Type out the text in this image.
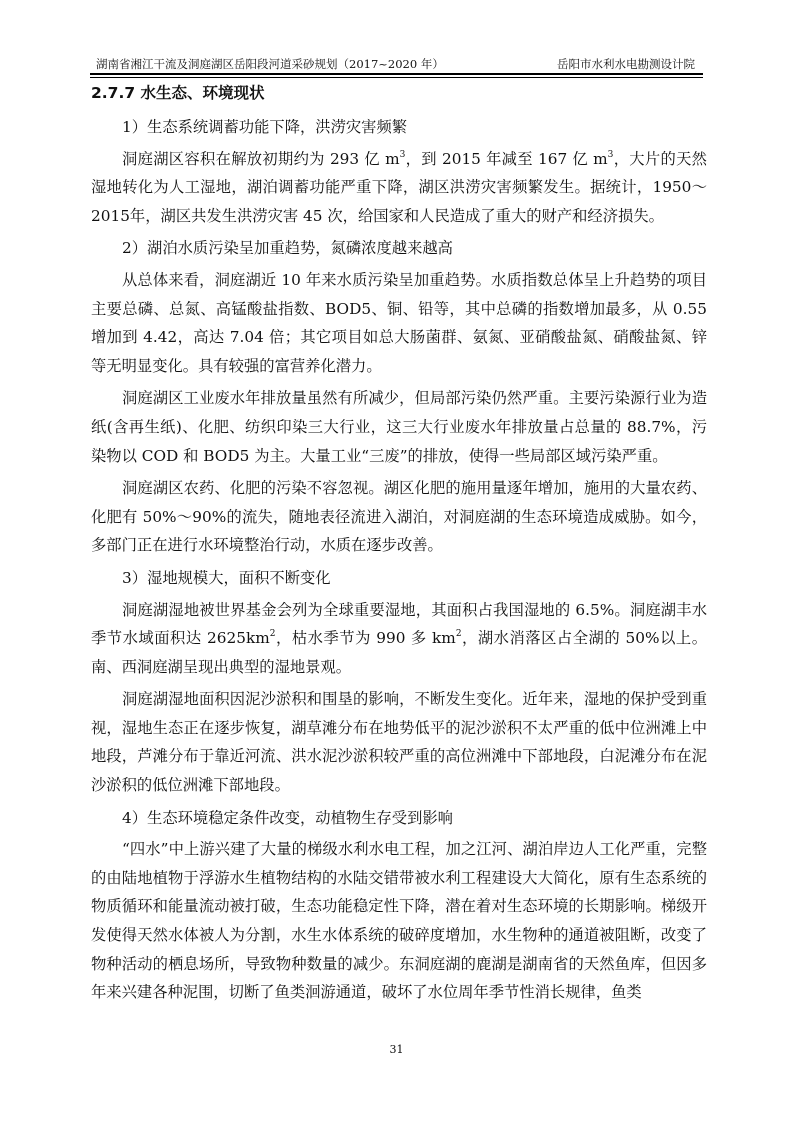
湖南省湘江干流及洞庭湖区岳阳段河道采砂规划（2017~2020 年）	岳阳市水利水电勘测设计院
2.7.7 水生态、环境现状

1）生态系统调蓄功能下降，洪涝灾害频繁

洞庭湖区容积在解放初期约为 293 亿 $m^3$，到 2015 年减至 167 亿 $m^3$，大片的天然湿地转化为人工湿地，湖泊调蓄功能严重下降，湖区洪涝灾害频繁发生。据统计，1950～2015年，湖区共发生洪涝灾害 45 次，给国家和人民造成了重大的财产和经济损失。

2）湖泊水质污染呈加重趋势，氮磷浓度越来越高

从总体来看，洞庭湖近 10 年来水质污染呈加重趋势。水质指数总体呈上升趋势的项目主要总磷、总氮、高锰酸盐指数、BOD5、铜、铅等，其中总磷的指数增加最多，从 0.55 增加到 4.42，高达 7.04 倍；其它项目如总大肠菌群、氨氮、亚硝酸盐氮、硝酸盐氮、锌等无明显变化。具有较强的富营养化潜力。

洞庭湖区工业废水年排放量虽然有所减少，但局部污染仍然严重。主要污染源行业为造纸(含再生纸)、化肥、纺织印染三大行业，这三大行业废水年排放量占总量的 88.7%，污染物以 COD 和 BOD5 为主。大量工业“三废”的排放，使得一些局部区域污染严重。

洞庭湖区农药、化肥的污染不容忽视。湖区化肥的施用量逐年增加，施用的大量农药、化肥有 50%～90%的流失，随地表径流进入湖泊，对洞庭湖的生态环境造成威胁。如今，多部门正在进行水环境整治行动，水质在逐步改善。

3）湿地规模大，面积不断变化

洞庭湖湿地被世界基金会列为全球重要湿地，其面积占我国湿地的 6.5%。洞庭湖丰水季节水域面积达 $2625km^2$，枯水季节为 990 多 $km^2$，湖水消落区占全湖的 50%以上。南、西洞庭湖呈现出典型的湿地景观。

洞庭湖湿地面积因泥沙淤积和围垦的影响，不断发生变化。近年来，湿地的保护受到重视，湿地生态正在逐步恢复，湖草滩分布在地势低平的泥沙淤积不太严重的低中位洲滩上中地段，芦滩分布于靠近河流、洪水泥沙淤积较严重的高位洲滩中下部地段，白泥滩分布在泥沙淤积的低位洲滩下部地段。

4）生态环境稳定条件改变，动植物生存受到影响

“四水”中上游兴建了大量的梯级水利水电工程，加之江河、湖泊岸边人工化严重，完整的由陆地植物于浮游水生植物结构的水陆交错带被水利工程建设大大简化，原有生态系统的物质循环和能量流动被打破，生态功能稳定性下降，潜在着对生态环境的长期影响。梯级开发使得天然水体被人为分割，水生水体系统的破碎度增加，水生物种的通道被阻断，改变了物种活动的栖息场所，导致物种数量的减少。东洞庭湖的鹿湖是湖南省的天然鱼库，但因多年来兴建各种泥围，切断了鱼类洄游通道，破坏了水位周年季节性消长规律，鱼类

31
